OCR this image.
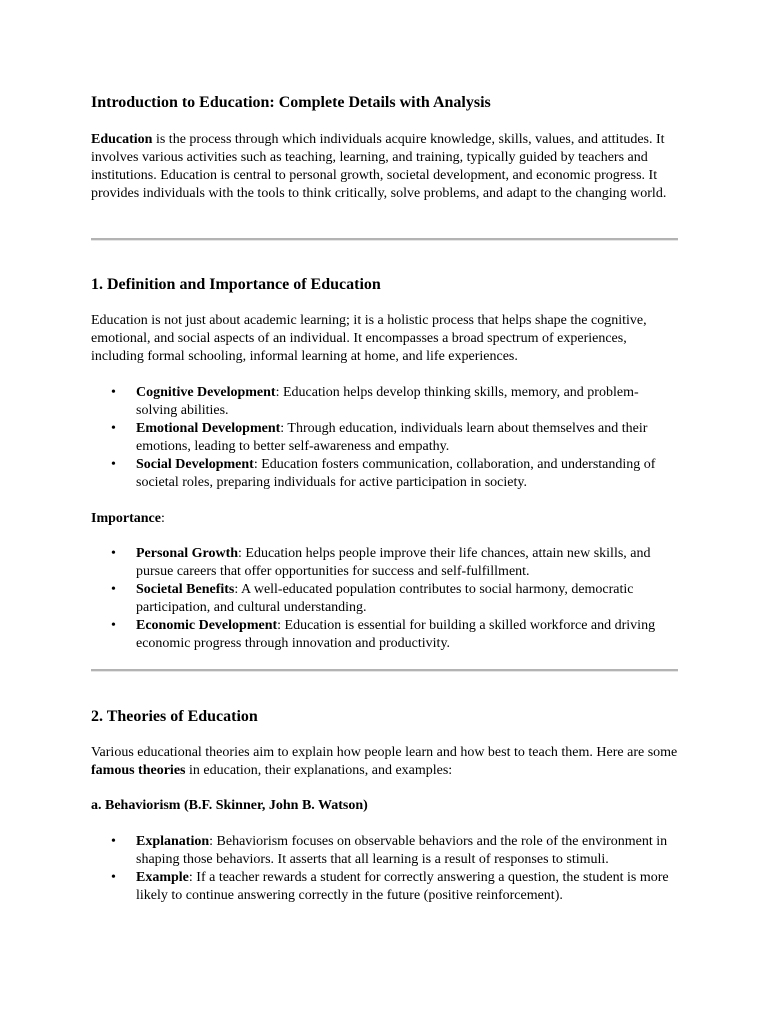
Introduction to Education: Complete Details with Analysis

Education is the process through which individuals acquire knowledge, skills, values, and attitudes. It involves various activities such as teaching, learning, and training, typically guided by teachers and institutions. Education is central to personal growth, societal development, and economic progress. It provides individuals with the tools to think critically, solve problems, and adapt to the changing world.

1. Definition and Importance of Education

Education is not just about academic learning; it is a holistic process that helps shape the cognitive, emotional, and social aspects of an individual. It encompasses a broad spectrum of experiences, including formal schooling, informal learning at home, and life experiences.

• Cognitive Development: Education helps develop thinking skills, memory, and problem-solving abilities.
• Emotional Development: Through education, individuals learn about themselves and their emotions, leading to better self-awareness and empathy.
• Social Development: Education fosters communication, collaboration, and understanding of societal roles, preparing individuals for active participation in society.

Importance:

• Personal Growth: Education helps people improve their life chances, attain new skills, and pursue careers that offer opportunities for success and self-fulfillment.
• Societal Benefits: A well-educated population contributes to social harmony, democratic participation, and cultural understanding.
• Economic Development: Education is essential for building a skilled workforce and driving economic progress through innovation and productivity.
2. Theories of Education

Various educational theories aim to explain how people learn and how best to teach them. Here are some famous theories in education, their explanations, and examples:

a. Behaviorism (B.F. Skinner, John B. Watson)
• Explanation: Behaviorism focuses on observable behaviors and the role of the environment in shaping those behaviors. It asserts that all learning is a result of responses to stimuli.
• Example: If a teacher rewards a student for correctly answering a question, the student is more likely to continue answering correctly in the future (positive reinforcement).
